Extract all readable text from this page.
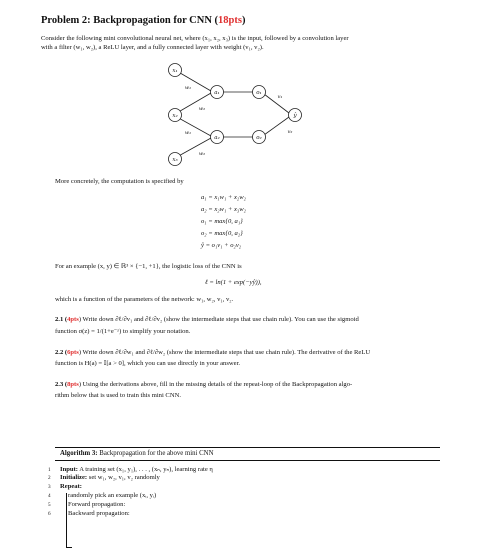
Problem 2: Backpropagation for CNN (18pts)
Consider the following mini convolutional neural net, where (x₁, x₂, x₃) is the input, followed by a convolution layer
with a filter (w₁, w₂), a ReLU layer, and a fully connected layer with weight (v₁, v₂).
x₁
x₂
x₃
a₁
a₂
o₁
o₂
ŷ
w₁
w₂
w₁
w₂
v₁
v₂
More concretely, the computation is specified by
a₁ = x₁w₁ + x₂w₂
a₂ = x₂w₁ + x₃w₂
o₁ = max{0, a₁}
o₂ = max{0, a₂}
ŷ = o₁v₁ + o₂v₂
For an example (x, y) ∈ ℝ³ × {−1, +1}, the logistic loss of the CNN is
ℓ = ln(1 + exp(−yŷ)),
which is a function of the parameters of the network: w₁, w₂, v₁, v₂.
2.1 (4pts) Write down ∂ℓ/∂v₁ and ∂ℓ/∂v₂ (show the intermediate steps that use chain rule). You can use the sigmoid
function σ(z) = 1/(1+e⁻ᶻ) to simplify your notation.
2.2 (6pts) Write down ∂ℓ/∂w₁ and ∂ℓ/∂w₂ (show the intermediate steps that use chain rule). The derivative of the ReLU
function is H(a) = 𝕀[a > 0], which you can use directly in your answer.
2.3 (8pts) Using the derivations above, fill in the missing details of the repeat-loop of the Backpropagation algo-
rithm below that is used to train this mini CNN.
Algorithm 3: Backpropagation for the above mini CNN
1 Input: A training set (x₁, y₁), . . . , (xₙ, yₙ), learning rate η
2 Initialize: set w₁, w₂, v₁, v₂ randomly
3 Repeat:
4	randomly pick an example (xᵢ, yᵢ)
5	Forward propagation:
6	Backward propagation:
